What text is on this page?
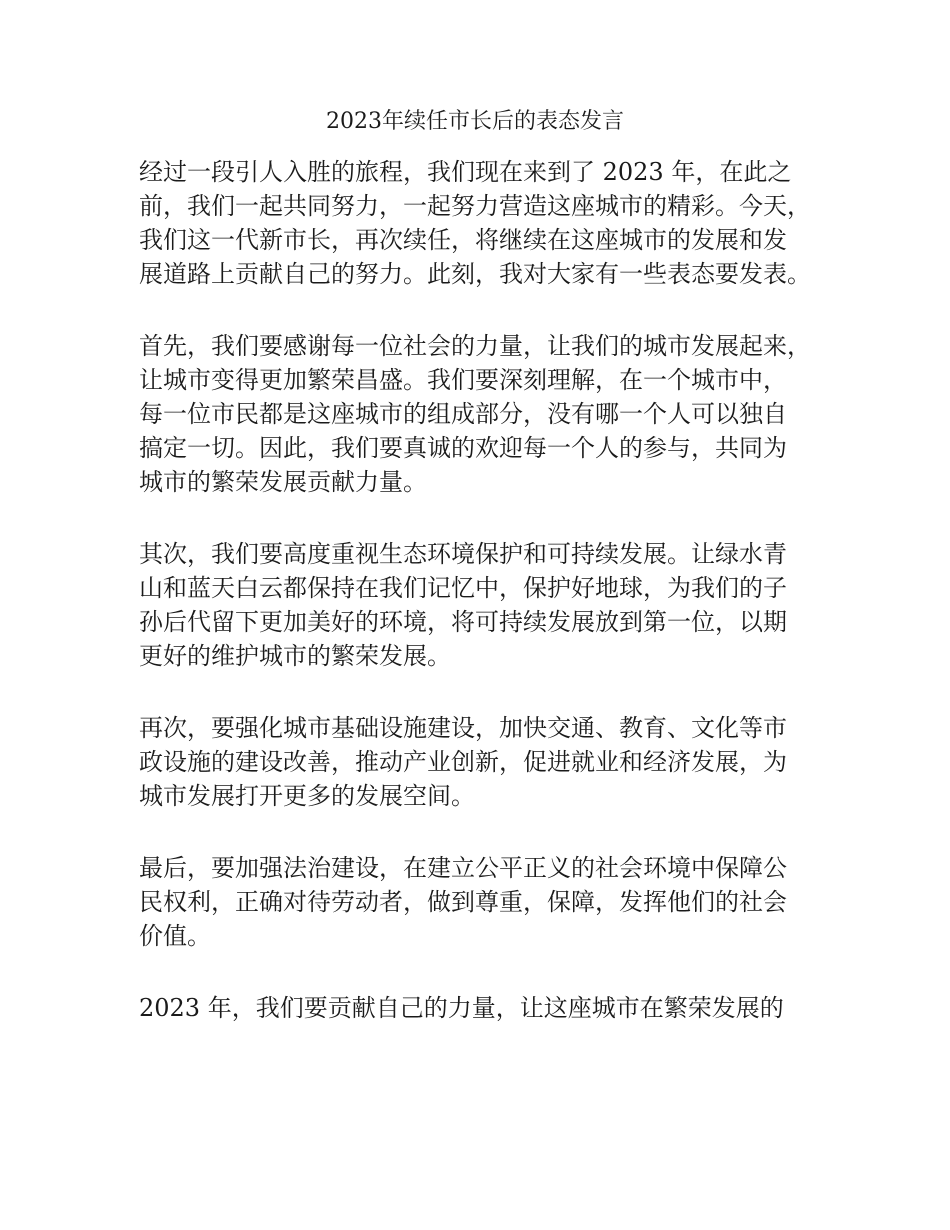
2023年续任市长后的表态发言

经过一段引人入胜的旅程，我们现在来到了 2023 年，在此之
前，我们一起共同努力，一起努力营造这座城市的精彩。今天，
我们这一代新市长，再次续任，将继续在这座城市的发展和发
展道路上贡献自己的努力。此刻，我对大家有一些表态要发表。

首先，我们要感谢每一位社会的力量，让我们的城市发展起来，
让城市变得更加繁荣昌盛。我们要深刻理解，在一个城市中，
每一位市民都是这座城市的组成部分，没有哪一个人可以独自
搞定一切。因此，我们要真诚的欢迎每一个人的参与，共同为
城市的繁荣发展贡献力量。

其次，我们要高度重视生态环境保护和可持续发展。让绿水青
山和蓝天白云都保持在我们记忆中，保护好地球，为我们的子
孙后代留下更加美好的环境，将可持续发展放到第一位，以期
更好的维护城市的繁荣发展。

再次，要强化城市基础设施建设，加快交通、教育、文化等市
政设施的建设改善，推动产业创新，促进就业和经济发展，为
城市发展打开更多的发展空间。

最后，要加强法治建设，在建立公平正义的社会环境中保障公
民权利，正确对待劳动者，做到尊重，保障，发挥他们的社会
价值。

2023 年，我们要贡献自己的力量，让这座城市在繁荣发展的
